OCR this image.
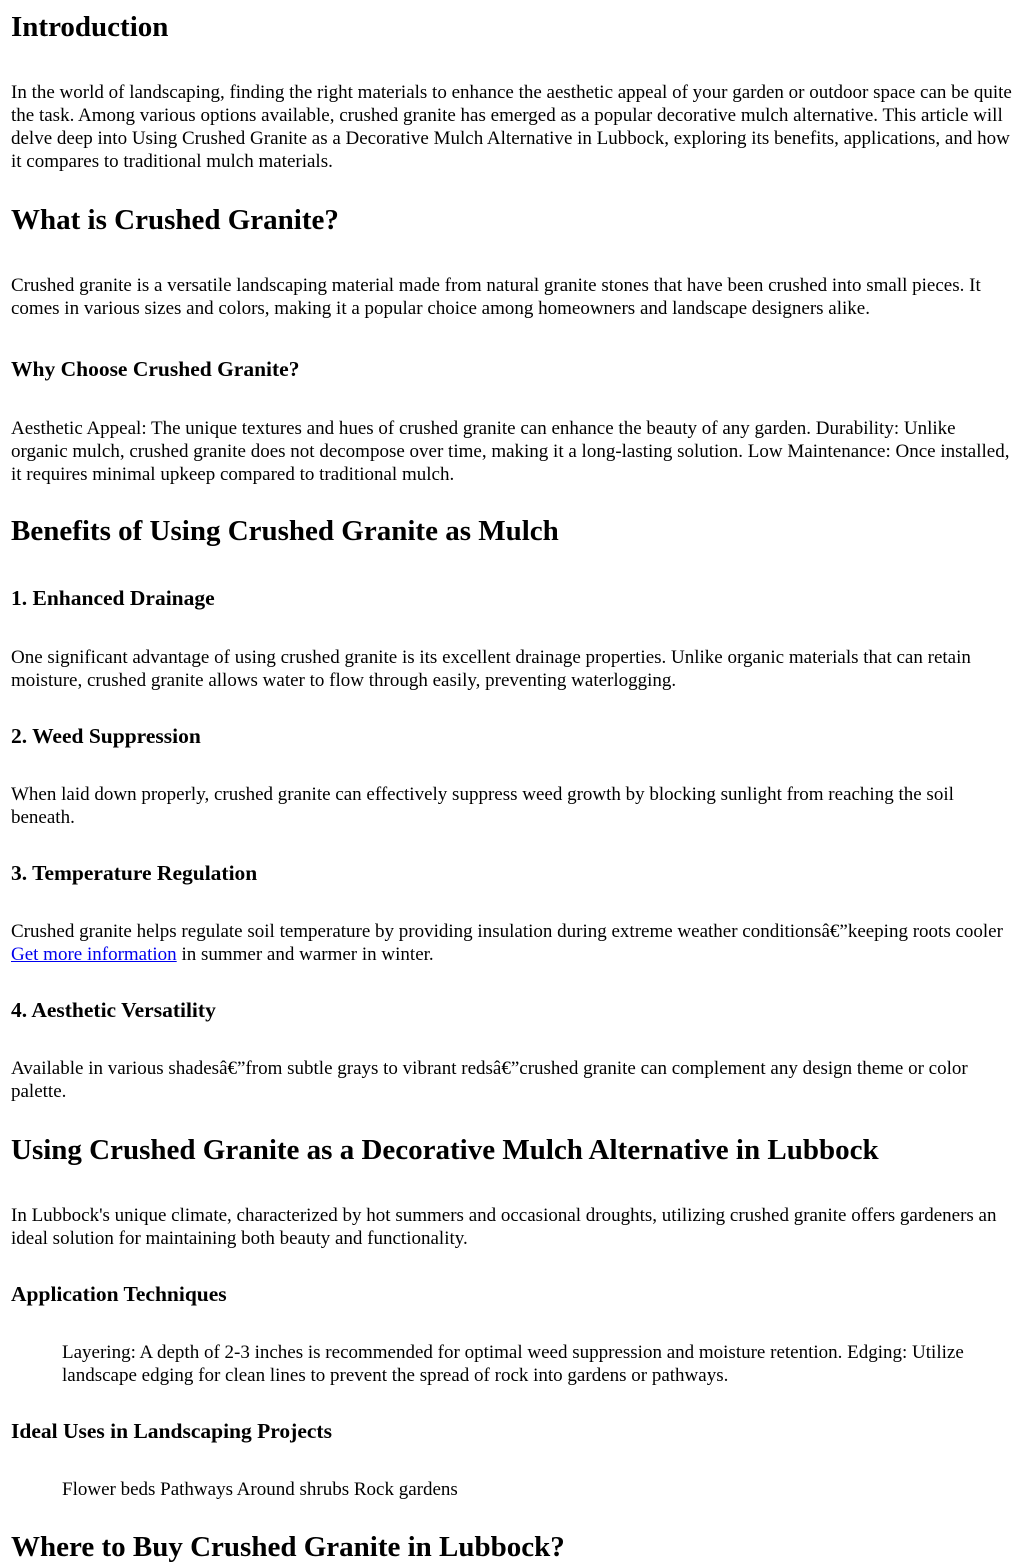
Introduction

In the world of landscaping, finding the right materials to enhance the aesthetic appeal of your garden or outdoor space can be quite the task. Among various options available, crushed granite has emerged as a popular decorative mulch alternative. This article will delve deep into Using Crushed Granite as a Decorative Mulch Alternative in Lubbock, exploring its benefits, applications, and how it compares to traditional mulch materials.

What is Crushed Granite?

Crushed granite is a versatile landscaping material made from natural granite stones that have been crushed into small pieces. It comes in various sizes and colors, making it a popular choice among homeowners and landscape designers alike.

Why Choose Crushed Granite?

Aesthetic Appeal: The unique textures and hues of crushed granite can enhance the beauty of any garden. Durability: Unlike organic mulch, crushed granite does not decompose over time, making it a long-lasting solution. Low Maintenance: Once installed, it requires minimal upkeep compared to traditional mulch.

Benefits of Using Crushed Granite as Mulch
1. Enhanced Drainage

One significant advantage of using crushed granite is its excellent drainage properties. Unlike organic materials that can retain moisture, crushed granite allows water to flow through easily, preventing waterlogging.

2. Weed Suppression

When laid down properly, crushed granite can effectively suppress weed growth by blocking sunlight from reaching the soil beneath.

3. Temperature Regulation

Crushed granite helps regulate soil temperature by providing insulation during extreme weather conditionsâ€”keeping roots cooler Get more information in summer and warmer in winter.

4. Aesthetic Versatility

Available in various shadesâ€”from subtle grays to vibrant redsâ€”crushed granite can complement any design theme or color palette.

Using Crushed Granite as a Decorative Mulch Alternative in Lubbock

In Lubbock's unique climate, characterized by hot summers and occasional droughts, utilizing crushed granite offers gardeners an ideal solution for maintaining both beauty and functionality.

Application Techniques

Layering: A depth of 2-3 inches is recommended for optimal weed suppression and moisture retention. Edging: Utilize landscape edging for clean lines to prevent the spread of rock into gardens or pathways.

Ideal Uses in Landscaping Projects

Flower beds Pathways Around shrubs Rock gardens

Where to Buy Crushed Granite in Lubbock?
